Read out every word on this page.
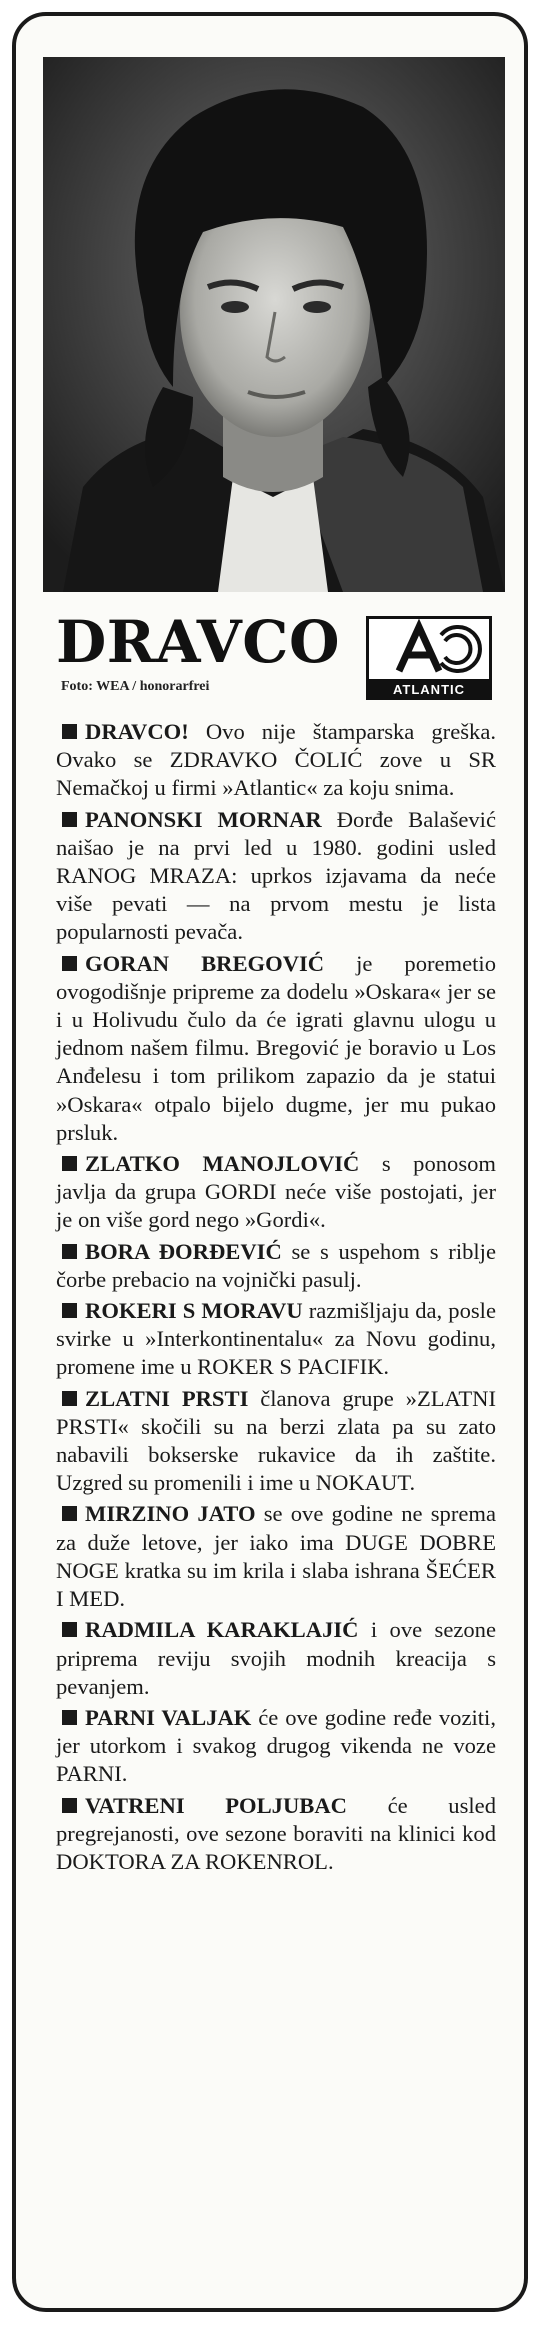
DRAVCO
Foto: WEA / honorarfrei	ATLANTIC

DRAVCO! Ovo nije štamparska greška. Ovako se ZDRAVKO ČOLIĆ zove u SR Nemačkoj u firmi »Atlantic« za koju snima.

PANONSKI MORNAR Đorđe Balašević naišao je na prvi led u 1980. godini usled RANOG MRAZA: uprkos izjavama da neće više pevati — na prvom mestu je lista popularnosti pevača.

GORAN BREGOVIĆ je poremetio ovogodišnje pripreme za dodelu »Oskara« jer se i u Holivudu čulo da će igrati glavnu ulogu u jednom našem filmu. Bregović je boravio u Los Anđelesu i tom prilikom zapazio da je statui »Oskara« otpalo bijelo dugme, jer mu pukao prsluk.

ZLATKO MANOJLOVIĆ s ponosom javlja da grupa GORDI neće više postojati, jer je on više gord nego »Gordi«.

BORA ĐORĐEVIĆ se s uspehom s riblje čorbe prebacio na vojnički pasulj.

ROKERI S MORAVU razmišljaju da, posle svirke u »Interkontinentalu« za Novu godinu, promene ime u ROKER S PACIFIK.

ZLATNI PRSTI članova grupe »ZLATNI PRSTI« skočili su na berzi zlata pa su zato nabavili bokserske rukavice da ih zaštite. Uzgred su promenili i ime u NOKAUT.

MIRZINO JATO se ove godine ne sprema za duže letove, jer iako ima DUGE DOBRE NOGE kratka su im krila i slaba ishrana ŠEĆER I MED.

RADMILA KARAKLAJIĆ i ove sezone priprema reviju svojih modnih kreacija s pevanjem.

PARNI VALJAK će ove godine ređe voziti, jer utorkom i svakog drugog vikenda ne voze PARNI.

VATRENI POLJUBAC će usled pregrejanosti, ove sezone boraviti na klinici kod DOKTORA ZA ROKENROL.
